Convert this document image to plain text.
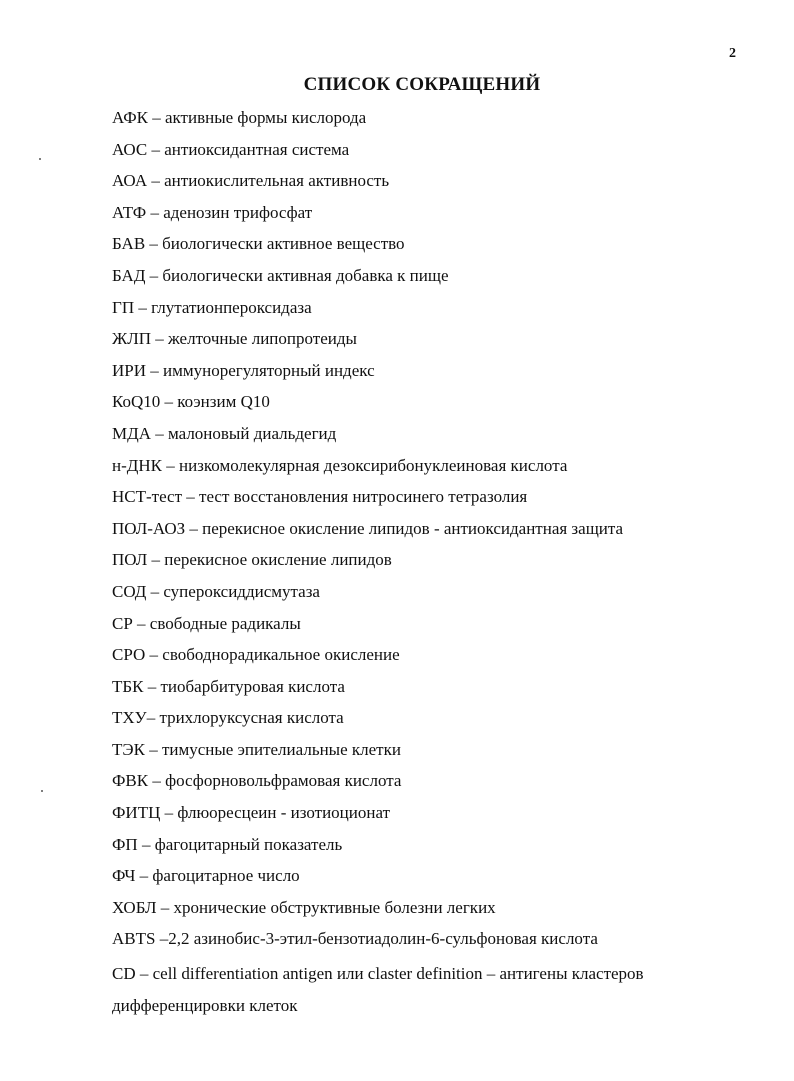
2
СПИСОК СОКРАЩЕНИЙ
АФК – активные формы кислорода
АОС – антиоксидантная система
АОА – антиокислительная активность
АТФ – аденозин трифосфат
БАВ – биологически активное вещество
БАД – биологически активная добавка к пище
ГП – глутатионпероксидаза
ЖЛП – желточные липопротеиды
ИРИ – иммунорегуляторный индекс
КоQ10 – коэнзим Q10
МДА – малоновый диальдегид
н-ДНК – низкомолекулярная дезоксирибонуклеиновая кислота
НСТ-тест – тест восстановления нитросинего тетразолия
ПОЛ-АОЗ – перекисное окисление липидов - антиоксидантная защита
ПОЛ – перекисное окисление липидов
СОД – супероксиддисмутаза
СР – свободные радикалы
СРО – свободнорадикальное окисление
ТБК – тиобарбитуровая кислота
ТХУ– трихлоруксусная кислота
ТЭК – тимусные эпителиальные клетки
ФВК – фосфорновольфрамовая кислота
ФИТЦ – флюоресцеин - изотиоционат
ФП – фагоцитарный показатель
ФЧ – фагоцитарное число
ХОБЛ – хронические обструктивные болезни легких
ABTS –2,2 азинобис-3-этил-бензотиадолин-6-сульфоновая кислота
CD – cell differentiation antigen или claster definition – антигены кластеров дифференцировки клеток
